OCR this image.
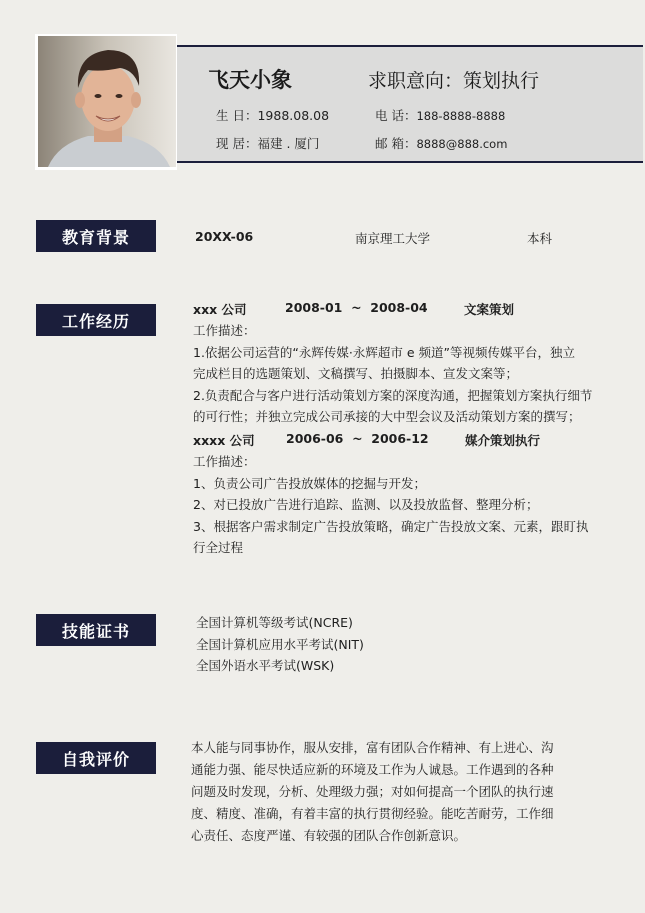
飞天小象	求职意向：策划执行
生 日：1988.08.08	电 话：188-8888-8888
现 居：福建 . 厦门	邮 箱：8888@888.com
教育背景	20XX-06	南京理工大学	本科
工作经历
xxx 公司	2008-01  ~  2008-04	文案策划
工作描述：
1.依据公司运营的“永辉传媒·永辉超市 e 频道”等视频传媒平台，独立
完成栏目的选题策划、文稿撰写、拍摄脚本、宣发文案等；
2.负责配合与客户进行活动策划方案的深度沟通，把握策划方案执行细节
的可行性；并独立完成公司承接的大中型会议及活动策划方案的撰写；
xxxx 公司	2006-06  ~  2006-12	媒介策划执行
工作描述：
1、负责公司广告投放媒体的挖掘与开发；
2、对已投放广告进行追踪、监测、以及投放监督、整理分析；
3、根据客户需求制定广告投放策略，确定广告投放文案、元素，跟盯执
行全过程
技能证书	全国计算机等级考试(NCRE)
全国计算机应用水平考试(NIT)
全国外语水平考试(WSK)
自我评价
本人能与同事协作，服从安排，富有团队合作精神、有上进心、沟
通能力强、能尽快适应新的环境及工作为人诚恳。工作遇到的各种
问题及时发现，分析、处理级力强；对如何提高一个团队的执行速
度、精度、准确，有着丰富的执行贯彻经验。能吃苦耐劳，工作细
心责任、态度严谨、有较强的团队合作创新意识。
